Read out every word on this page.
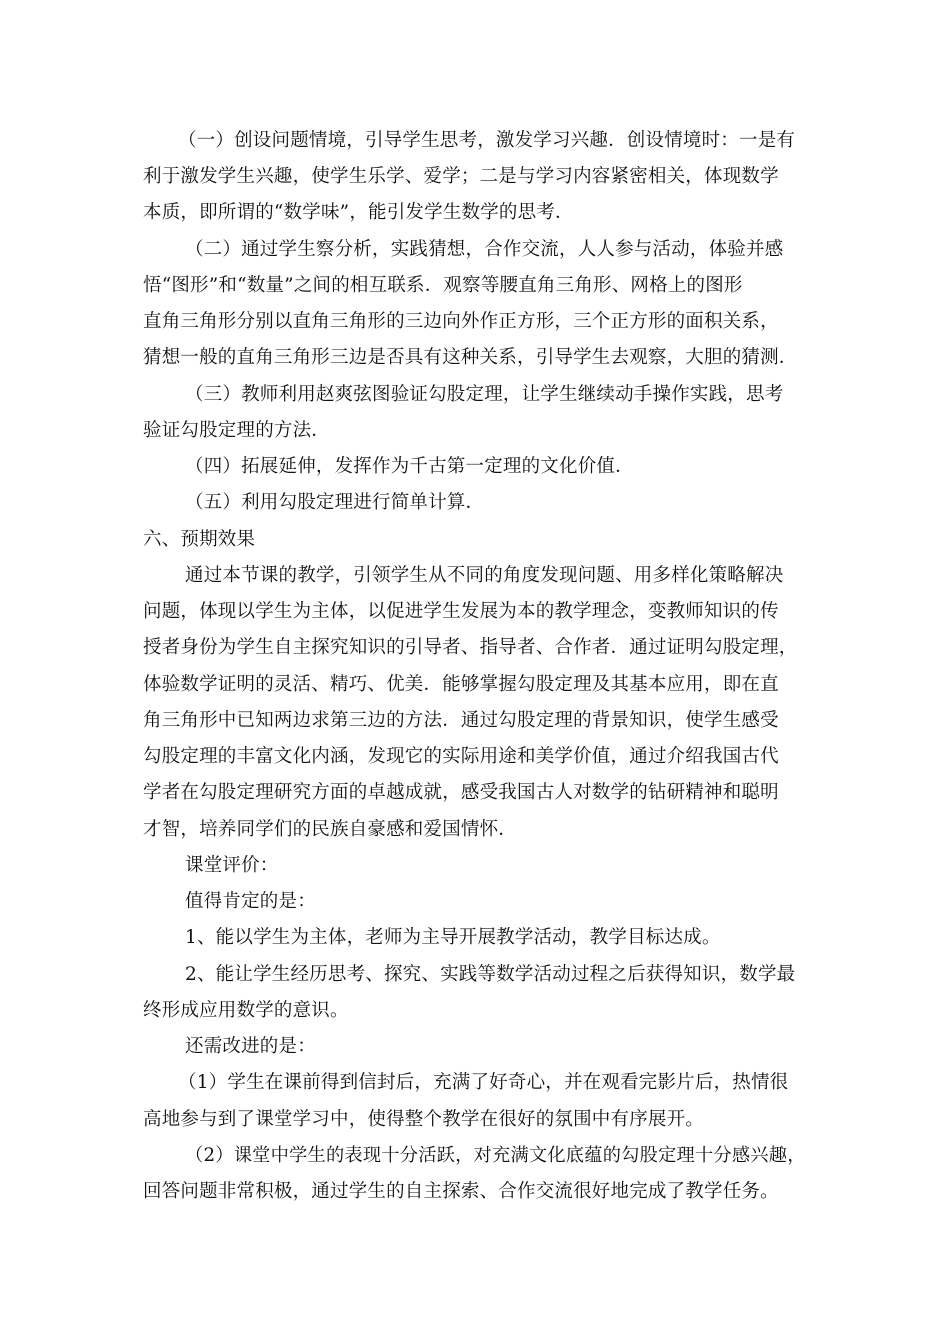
（一）创设问题情境，引导学生思考，激发学习兴趣．创设情境时：一是有
利于激发学生兴趣，使学生乐学、爱学；二是与学习内容紧密相关，体现数学
本质，即所谓的“数学味”，能引发学生数学的思考．
（二）通过学生察分析，实践猜想，合作交流，人人参与活动，体验并感
悟“图形”和“数量”之间的相互联系．观察等腰直角三角形、网格上的图形
直角三角形分别以直角三角形的三边向外作正方形，三个正方形的面积关系，
猜想一般的直角三角形三边是否具有这种关系，引导学生去观察，大胆的猜测．
（三）教师利用赵爽弦图验证勾股定理，让学生继续动手操作实践，思考
验证勾股定理的方法．
（四）拓展延伸，发挥作为千古第一定理的文化价值．
（五）利用勾股定理进行简单计算．
六、预期效果
通过本节课的教学，引领学生从不同的角度发现问题、用多样化策略解决
问题，体现以学生为主体，以促进学生发展为本的教学理念，变教师知识的传
授者身份为学生自主探究知识的引导者、指导者、合作者．通过证明勾股定理，
体验数学证明的灵活、精巧、优美．能够掌握勾股定理及其基本应用，即在直
角三角形中已知两边求第三边的方法．通过勾股定理的背景知识，使学生感受
勾股定理的丰富文化内涵，发现它的实际用途和美学价值，通过介绍我国古代
学者在勾股定理研究方面的卓越成就，感受我国古人对数学的钻研精神和聪明
才智，培养同学们的民族自豪感和爱国情怀．
课堂评价：
值得肯定的是：
1、能以学生为主体，老师为主导开展教学活动，教学目标达成。
2、能让学生经历思考、探究、实践等数学活动过程之后获得知识，数学最
终形成应用数学的意识。
还需改进的是：
（1）学生在课前得到信封后，充满了好奇心，并在观看完影片后，热情很
高地参与到了课堂学习中，使得整个教学在很好的氛围中有序展开。
（2）课堂中学生的表现十分活跃，对充满文化底蕴的勾股定理十分感兴趣，
回答问题非常积极，通过学生的自主探索、合作交流很好地完成了教学任务。
